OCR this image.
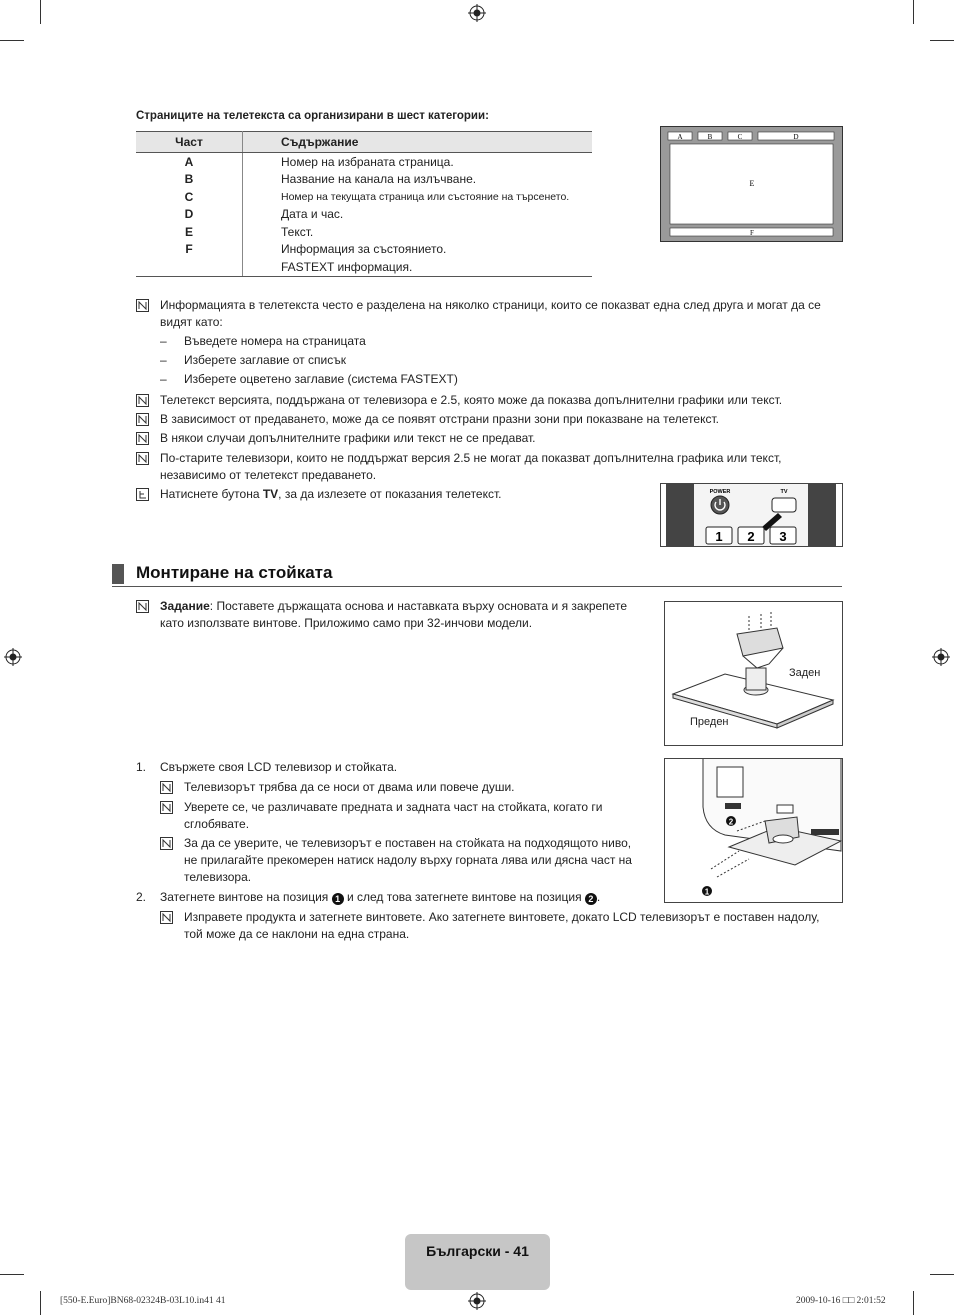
Страниците на телетекста са организирани в шест категории:
Част	Съдържание
A	Номер на избраната страница.
B	Название на канала на излъчване.
C	Номер на текущата страница или състояние на търсенето.
D	Дата и час.
E	Текст.
F	Информация за състоянието.
	FASTEXT информация.
A	B	C	D
E
F
Информацията в телетекста често е разделена на няколко страници, които се показват една след друга и могат да се видят като:
– Въведете номера на страницата
– Изберете заглавие от списък
– Изберете оцветено заглавие (система FASTEXT)
Телетекст версията, поддържана от телевизора е 2.5, която може да показва допълнителни графики или текст.
В зависимост от предаването, може да се появят отстрани празни зони при показване на телетекст.
В някои случаи допълнителните графики или текст не се предават.
По-старите телевизори, които не поддържат версия 2.5 не могат да показват допълнителна графика или текст, независимо от телетекст предаването.
Натиснете бутона TV, за да излезете от показания телетекст.	POWER	TV
1 2 3
Монтиране на стойката
Задание: Поставете държащата основа и наставката върху основата и я закрепете като използвате винтове. Приложимо само при 32-инчови модели.
Заден
Преден
1. Свържете своя LCD телевизор и стойката.
Телевизорът трябва да се носи от двама или повече души.
Уверете се, че различавате предната и задната част на стойката, когато ги сглобявате.
За да се уверите, че телевизорът е поставен на стойката на подходящото ниво, не прилагайте прекомерен натиск надолу върху горната лява или дясна част на телевизора.
2
1
2. Затегнете винтове на позиция 1 и след това затегнете винтове на позиция 2 .
Изправете продукта и затегнете винтовете. Ако затегнете винтовете, докато LCD телевизорът е поставен надолу, той може да се наклони на една страна.
Български - 41
[550-E.Euro]BN68-02324B-03L10.in41 41	2009-10-16 □□ 2:01:52
